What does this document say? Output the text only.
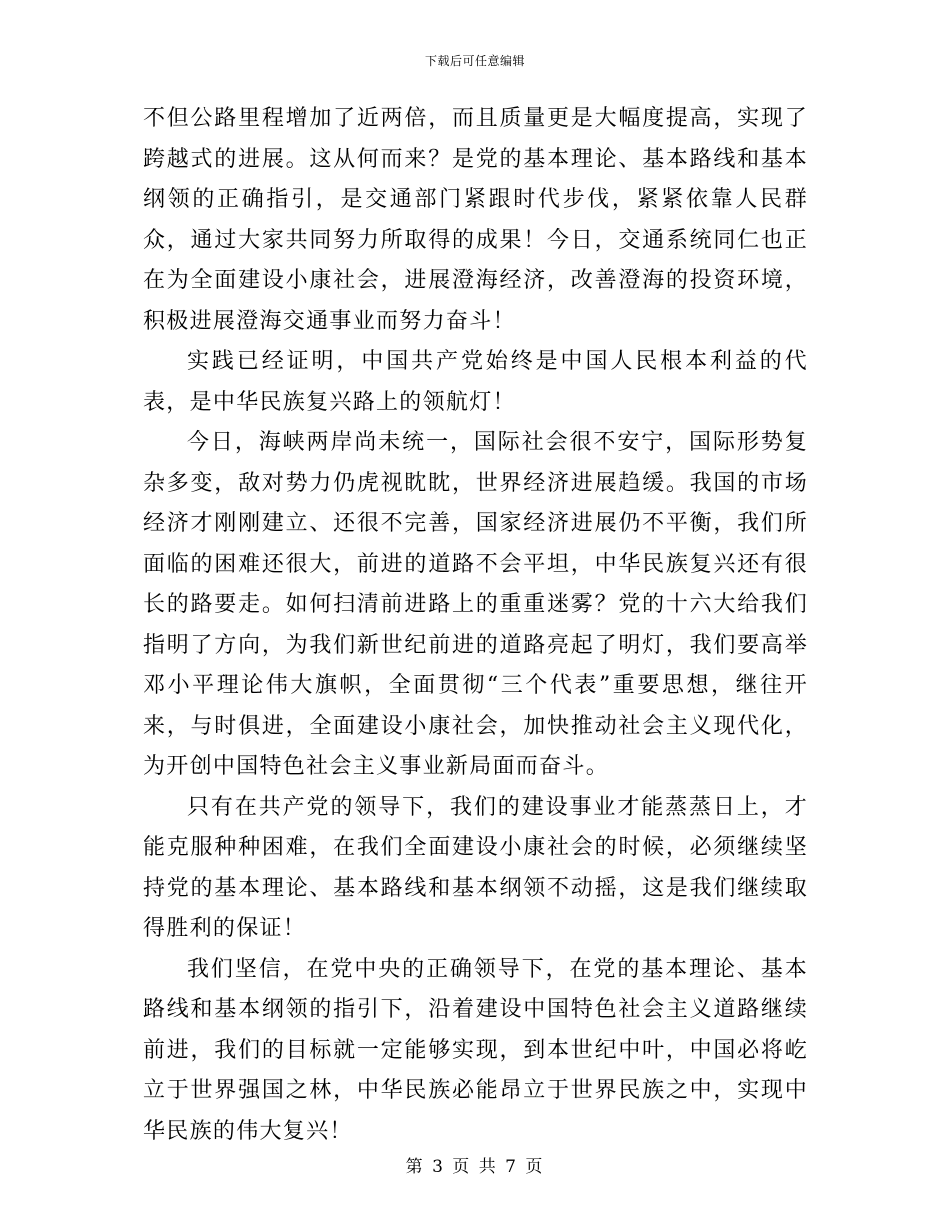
下载后可任意编辑

不但公路里程增加了近两倍，而且质量更是大幅度提高，实现了跨越式的进展。这从何而来？是党的基本理论、基本路线和基本纲领的正确指引，是交通部门紧跟时代步伐，紧紧依靠人民群众，通过大家共同努力所取得的成果！今日，交通系统同仁也正在为全面建设小康社会，进展澄海经济，改善澄海的投资环境，积极进展澄海交通事业而努力奋斗！

实践已经证明，中国共产党始终是中国人民根本利益的代表，是中华民族复兴路上的领航灯！

今日，海峡两岸尚未统一，国际社会很不安宁，国际形势复杂多变，敌对势力仍虎视眈眈，世界经济进展趋缓。我国的市场经济才刚刚建立、还很不完善，国家经济进展仍不平衡，我们所面临的困难还很大，前进的道路不会平坦，中华民族复兴还有很长的路要走。如何扫清前进路上的重重迷雾？党的十六大给我们指明了方向，为我们新世纪前进的道路亮起了明灯，我们要高举邓小平理论伟大旗帜，全面贯彻“三个代表”重要思想，继往开来，与时俱进，全面建设小康社会，加快推动社会主义现代化，为开创中国特色社会主义事业新局面而奋斗。

只有在共产党的领导下，我们的建设事业才能蒸蒸日上，才能克服种种困难，在我们全面建设小康社会的时候，必须继续坚持党的基本理论、基本路线和基本纲领不动摇，这是我们继续取得胜利的保证！

我们坚信，在党中央的正确领导下，在党的基本理论、基本路线和基本纲领的指引下，沿着建设中国特色社会主义道路继续前进，我们的目标就一定能够实现，到本世纪中叶，中国必将屹立于世界强国之林，中华民族必能昂立于世界民族之中，实现中华民族的伟大复兴！

第 3 页 共 7 页
